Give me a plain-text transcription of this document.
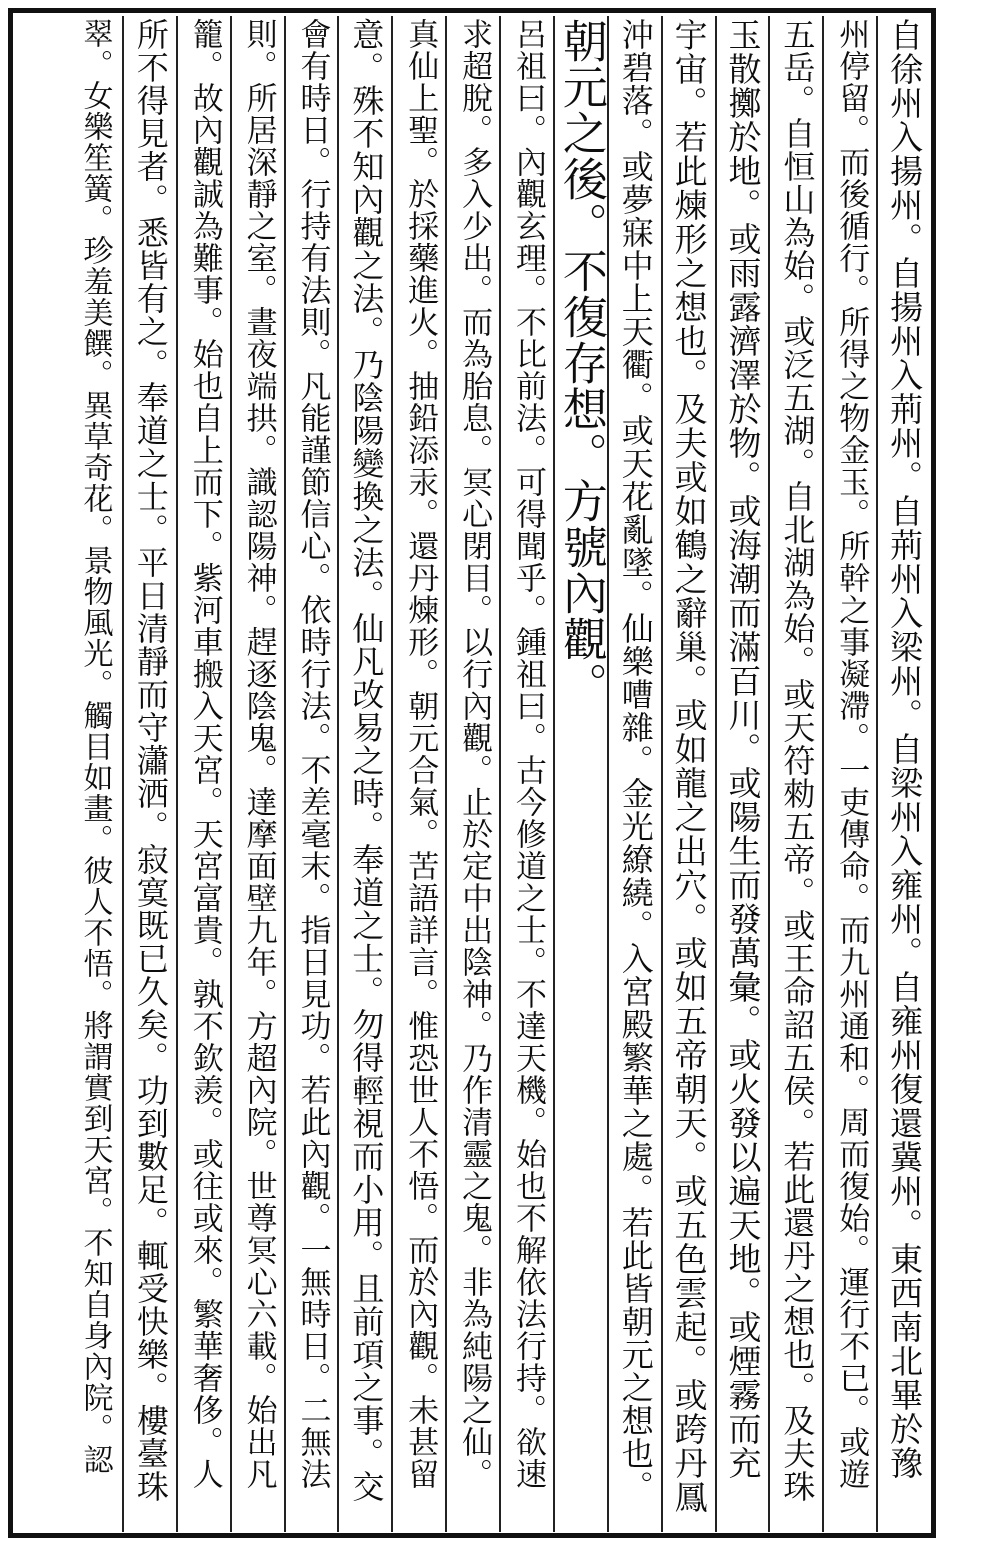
自徐州入揚州。自揚州入荊州。自荊州入梁州。自梁州入雍州。自雍州復還冀州。東西南北畢於豫
州停留。而後循行。所得之物金玉。所幹之事凝滯。一吏傳命。而九州通和。周而復始。運行不已。或遊
五岳。自恒山為始。或泛五湖。自北湖為始。或天符勑五帝。或王命詔五侯。若此還丹之想也。及夫珠
玉散擲於地。或雨露濟澤於物。或海潮而滿百川。或陽生而發萬彙。或火發以遍天地。或煙霧而充
宇宙。若此煉形之想也。及夫或如鶴之辭巢。或如龍之出穴。或如五帝朝天。或五色雲起。或跨丹鳳
沖碧落。或夢寐中上天衢。或天花亂墜。仙樂嘈雜。金光繚繞。入宮殿繁華之處。若此皆朝元之想也。
朝元之後。不復存想。方號內觀。
呂祖曰。內觀玄理。不比前法。可得聞乎。鍾祖曰。古今修道之士。不達天機。始也不解依法行持。欲速
求超脫。多入少出。而為胎息。冥心閉目。以行內觀。止於定中出陰神。乃作清靈之鬼。非為純陽之仙。
真仙上聖。於採藥進火。抽鉛添汞。還丹煉形。朝元合氣。苦語詳言。惟恐世人不悟。而於內觀。未甚留
意。殊不知內觀之法。乃陰陽變換之法。仙凡改易之時。奉道之士。勿得輕視而小用。且前項之事。交
會有時日。行持有法則。凡能謹節信心。依時行法。不差毫末。指日見功。若此內觀。一無時日。二無法
則。所居深靜之室。晝夜端拱。識認陽神。趕逐陰鬼。達摩面壁九年。方超內院。世尊冥心六載。始出凡
籠。故內觀誠為難事。始也自上而下。紫河車搬入天宮。天宮富貴。孰不欽羨。或往或來。繁華奢侈。人
所不得見者。悉皆有之。奉道之士。平日清靜而守瀟洒。寂寞既已久矣。功到數足。輒受快樂。樓臺珠
翠。女樂笙簧。珍羞美饌。異草奇花。景物風光。觸目如畫。彼人不悟。將謂實到天宮。不知自身內院。認
